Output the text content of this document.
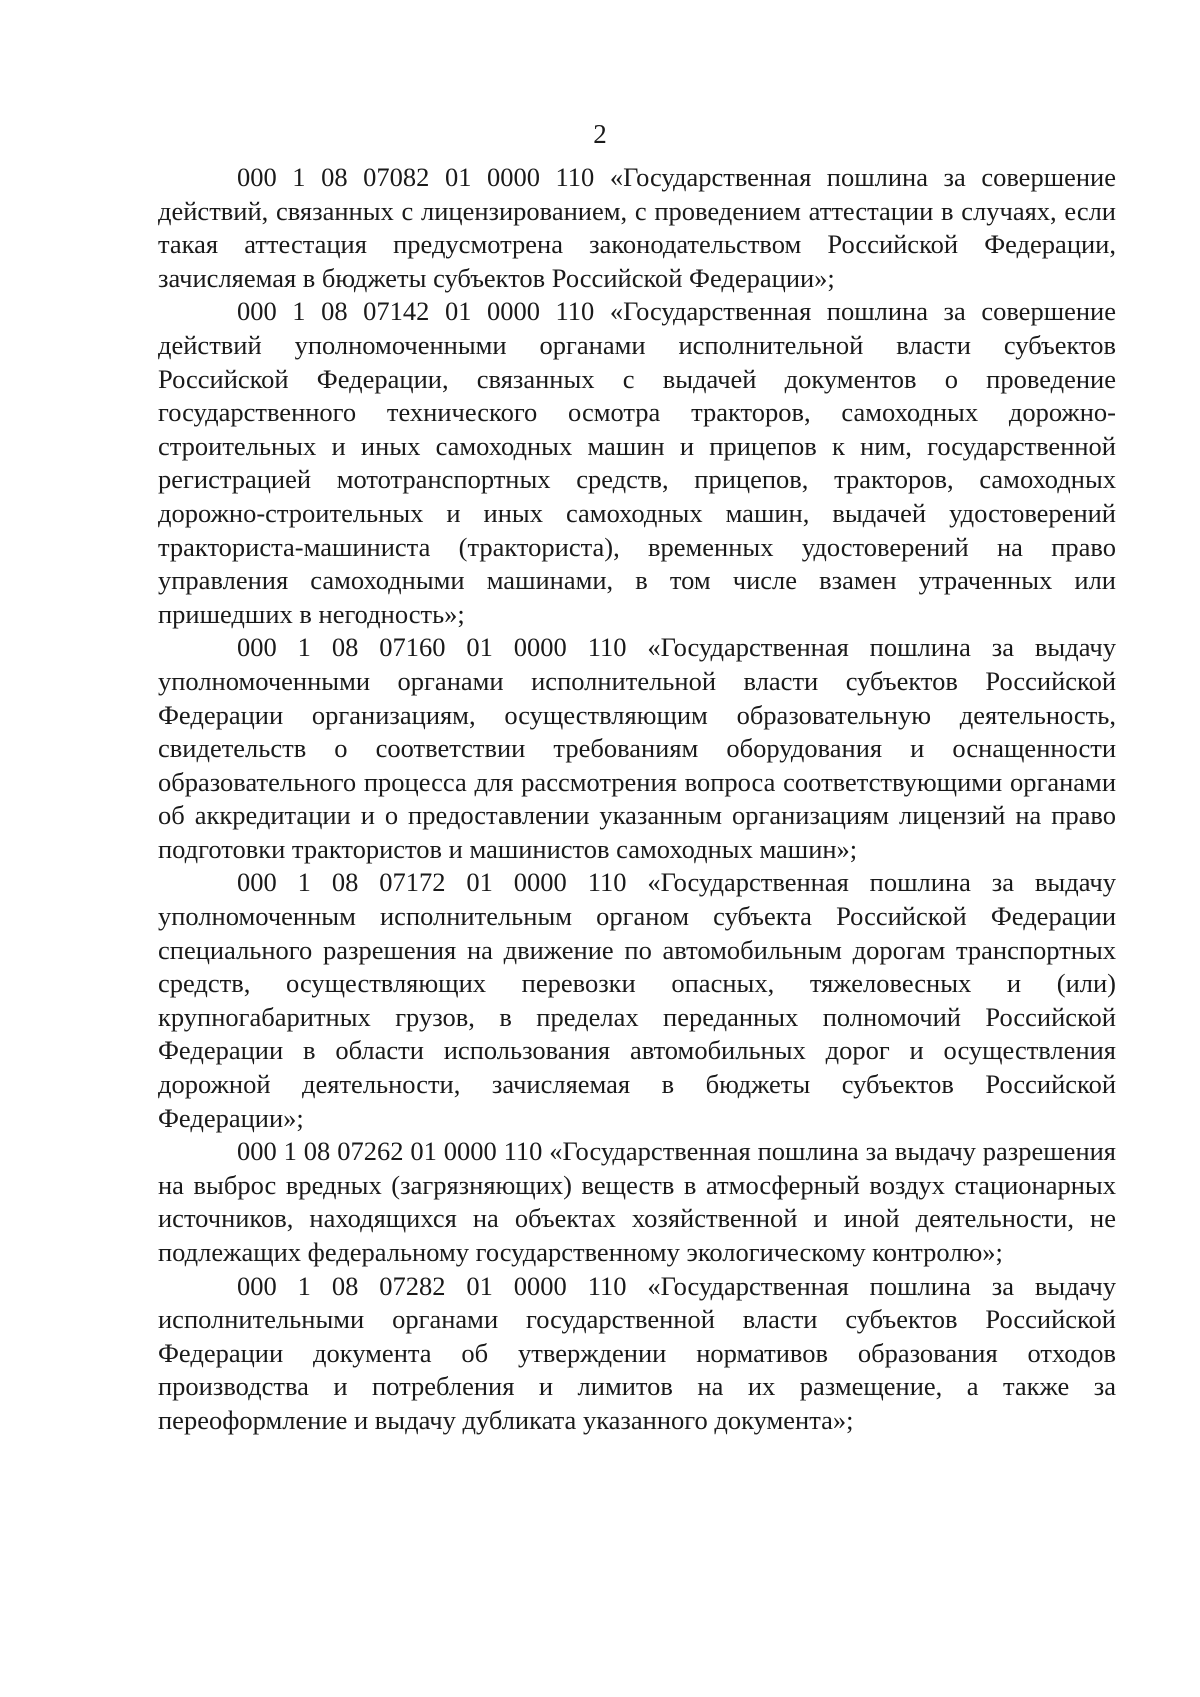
2

000 1 08 07082 01 0000 110 «Государственная пошлина за совершение действий, связанных с лицензированием, с проведением аттестации в случаях, если такая аттестация предусмотрена законодательством Российской Федерации, зачисляемая в бюджеты субъектов Российской Федерации»;

000 1 08 07142 01 0000 110 «Государственная пошлина за совершение действий уполномоченными органами исполнительной власти субъектов Российской Федерации, связанных с выдачей документов о проведение государственного технического осмотра тракторов, самоходных дорожно-строительных и иных самоходных машин и прицепов к ним, государственной регистрацией мототранспортных средств, прицепов, тракторов, самоходных дорожно-строительных и иных самоходных машин, выдачей удостоверений тракториста-машиниста (тракториста), временных удостоверений на право управления самоходными машинами, в том числе взамен утраченных или пришедших в негодность»;

000 1 08 07160 01 0000 110 «Государственная пошлина за выдачу уполномоченными органами исполнительной власти субъектов Российской Федерации организациям, осуществляющим образовательную деятельность, свидетельств о соответствии требованиям оборудования и оснащенности образовательного процесса для рассмотрения вопроса соответствующими органами об аккредитации и о предоставлении указанным организациям лицензий на право подготовки трактористов и машинистов самоходных машин»;

000 1 08 07172 01 0000 110 «Государственная пошлина за выдачу уполномоченным исполнительным органом субъекта Российской Федерации специального разрешения на движение по автомобильным дорогам транспортных средств, осуществляющих перевозки опасных, тяжеловесных и (или) крупногабаритных грузов, в пределах переданных полномочий Российской Федерации в области использования автомобильных дорог и осуществления дорожной деятельности, зачисляемая в бюджеты субъектов Российской Федерации»;

000 1 08 07262 01 0000 110 «Государственная пошлина за выдачу разрешения на выброс вредных (загрязняющих) веществ в атмосферный воздух стационарных источников, находящихся на объектах хозяйственной и иной деятельности, не подлежащих федеральному государственному экологическому контролю»;

000 1 08 07282 01 0000 110 «Государственная пошлина за выдачу исполнительными органами государственной власти субъектов Российской Федерации документа об утверждении нормативов образования отходов производства и потребления и лимитов на их размещение, а также за переоформление и выдачу дубликата указанного документа»;
